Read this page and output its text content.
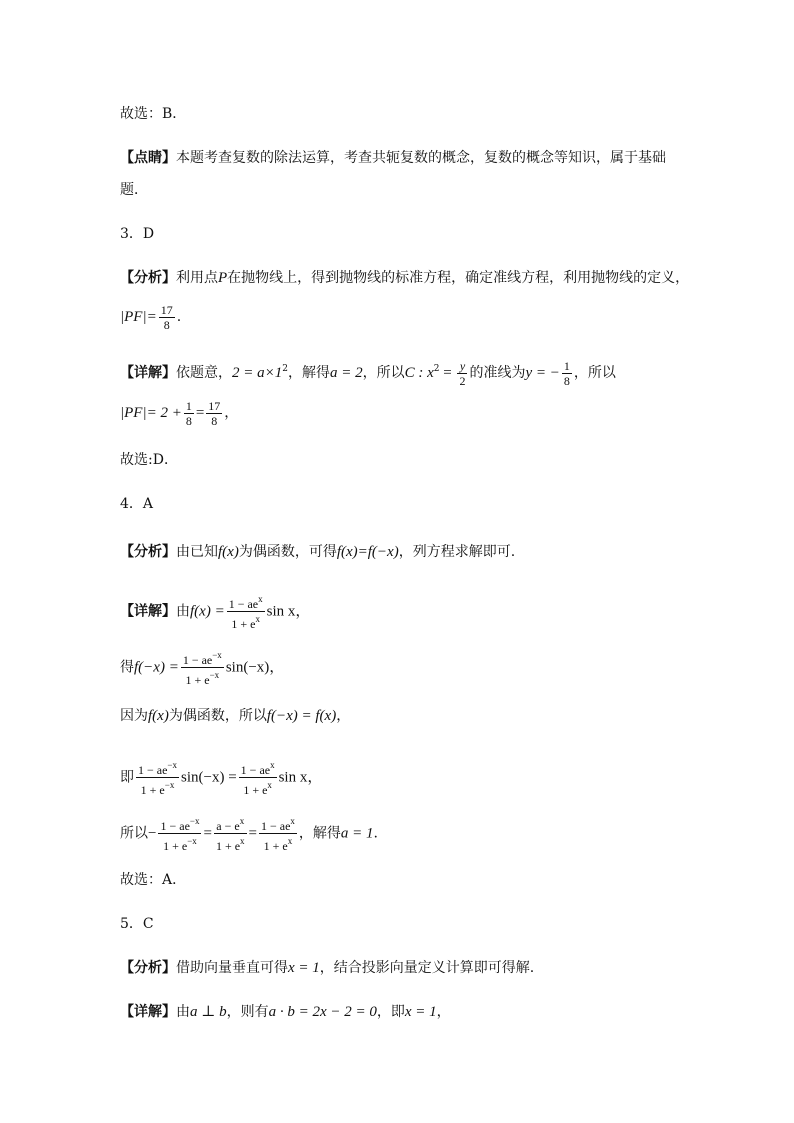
故选：B．
【点睛】本题考查复数的除法运算，考查共轭复数的概念，复数的概念等知识，属于基础
题．
3．D
【分析】利用点P在抛物线上，得到抛物线的标准方程，确定准线方程，利用抛物线的定义，
$|PF|= \frac{17}{8}$ .
【详解】依题意，$2 = a\times 1^2$，解得a = 2，所以C : $x^2 = \frac{y}{2}$ 的准线为y = − $\frac{1}{8}$ ，所以
$|PF|= 2 + \frac{1}{8} = \frac{17}{8}$ ，
故选:D．
4．A
【分析】由已知f(x)为偶函数，可得f(x)=f(−x)，列方程求解即可.
【详解】由$f(x) = \frac{1 - ae^x}{1 + e^x}$ sin x，
得$f(-x) = \frac{1 - ae^{-x}}{1 + e^{-x}} \sin(-x)$，
因为f(x)为偶函数，所以f(−x) = f(x)，
即 $\frac{1 - ae^{-x}}{1 + e^{-x}} \sin(-x) = \frac{1 - ae^x}{1 + e^x}$ sin x，
所以− $\frac{1 - ae^{-x}}{1 + e^{-x}} = \frac{a - e^x}{1 + e^x} = \frac{1 - ae^x}{1 + e^x}$ ，解得a = 1.
故选：A．
5．C
【分析】借助向量垂直可得x = 1，结合投影向量定义计算即可得解.
【详解】由a ⊥ b，则有a · b = 2x − 2 = 0，即x = 1，
